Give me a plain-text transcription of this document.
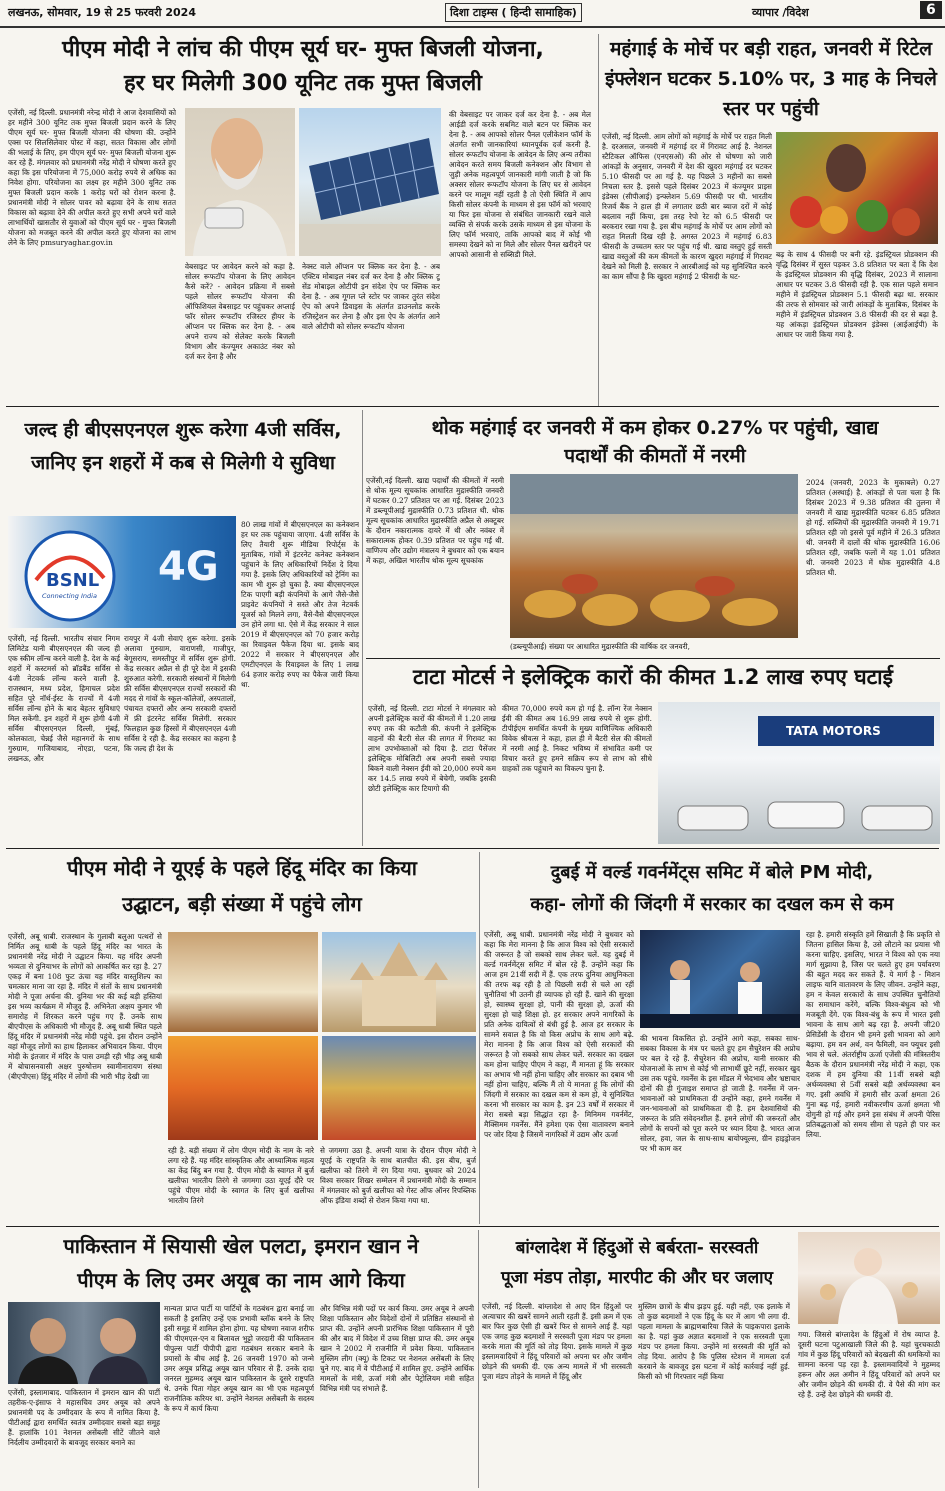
लखनऊ, सोमवार, 19 से 25 फरवरी 2024	दिशा टाइम्स ( हिन्दी सामाहिक)	व्यापार /विदेश	6
पीएम मोदी ने लांच की पीएम सूर्य घर- मुफ्त बिजली योजना,
हर घर मिलेगी 300 यूनिट तक मुफ्त बिजली
एजेंसी, नई दिल्ली. प्रधानमंत्री नरेन्द्र मोदी ने आज देशवासियों को हर महीने 300 यूनिट तक मुफ्त बिजली प्रदान करने के लिए पीएम सूर्य घर- मुफ्त बिजली योजना की घोषणा की. उन्होंने एक्स पर सिलसिलेवार पोस्ट में कहा, सतत विकास और लोगों की भलाई के लिए, हम पीएम सूर्य घर- मुफ्त बिजली योजना शुरू कर रहे हैं. मंगलवार को प्रधानमंत्री नरेंद्र मोदी ने घोषणा करते हुए कहा कि इस परियोजना में 75,000 करोड़ रुपये से अधिक का निवेश होगा. परियोजना का लक्ष्य हर महीने 300 यूनिट तक मुफ्त बिजली प्रदान करके 1 करोड़ घरों को रोशन करना है. प्रधानमंत्री मोदी ने सोलर पावर को बढ़ावा देने के साथ सतत विकास को बढ़ावा देने की अपील करते हुए सभी अपने घरों वाले लाभार्थियों खासतौर से युवाओं को पीएम सूर्य घर - मुफ्त बिजली योजना को मजबूत करने की अपील करते हुए योजना का लाभ लेने के लिए pmsuryaghar.gov.in
वेबसाइट पर आवेदन करने को कहा है. सोलर रूफटॉप योजना के लिए आवेदन कैसे करें? - आवेदन प्रक्रिया में सबसे पहले सोलर रूफटॉप योजना की ऑफिशियल वेबसाइट पर पहुंचकर अप्लाई फॉर सोलर रूफटॉप रजिस्टर हीयर के ऑप्शन पर क्लिक कर देना है. - अब अपने राज्य को सेलेक्ट करके बिजली विभाग और कंज्यूमर अकाउंट नंबर को दर्ज कर देना है और
नेक्स्ट वाले ऑप्शन पर क्लिक कर देना है. - अब एक्टिव मोबाइल नंबर दर्ज कर देना है और क्लिक टू सेंड मोबाइल ओटीपी इन संदेश ऐप पर क्लिक कर देना है. - अब गूगल प्ले स्टोर पर जाकर तुरंत संदेश ऐप को अपने डिवाइस के अंतर्गत डाउनलोड करके रजिस्ट्रेशन कर लेना है और इस ऐप के अंतर्गत आने वाले ओटीपी को सोलर रूफटॉप योजना
की वेबसाइट पर जाकर दर्ज कर देना है. - अब मेल आईडी दर्ज करके सबमिट वाले बटन पर क्लिक कर देना है. - अब आपको सोलर पैनल एलीकेशन फॉर्म के अंतर्गत सभी जानकारियां ध्यानपूर्वक दर्ज करनी है. सोलर रूफटॉप योजना के आवेदन के लिए अन्य तरीका आवेदन करते समय बिजली कनेक्शन और विभाग से जुड़ी अनेक महत्वपूर्ण जानकारी मांगी जाती है जो कि अक्सर सोलर रूफटॉप योजना के लिए घर से आवेदन करने पर मालूम नहीं रहती है तो ऐसी स्थिति में आप किसी सोलर कंपनी के माध्यम से इस फॉर्म को भरवाएं या फिर इस योजना से संबंधित जानकारी रखने वाले व्यक्ति से संपर्क करके उसके माध्यम से इस योजना के लिए फॉर्म भरवाएं, ताकि आपको बाद में कोई भी समस्या देखने को ना मिले और सोलर पैनल खरीदने पर आपको आसानी से सब्सिडी मिले.
महंगाई के मोर्चे पर बड़ी राहत, जनवरी में रिटेल इंफ्लेशन घटकर 5.10% पर, 3 माह के निचले स्तर पर पहुंची
एजेंसी, नई दिल्ली. आम लोगों को महंगाई के मोर्चे पर राहत मिली है. दरअसल, जनवरी में महंगाई दर में गिरावट आई है. नेशनल स्टैटिकल ऑफिस (एनएसओ) की ओर से घोषणा को जारी आंकड़ों के अनुसार, जनवरी में देश की खुदरा महंगाई दर घटकर 5.10 फीसदी पर आ गई है. यह पिछले 3 महीनों का सबसे निचला स्तर है. इससे पहले दिसंबर 2023 में कंज्यूमर प्राइस इंडेक्स (सीपीआई) इन्फ्लेशन 5.69 फीसदी पर थी. भारतीय रिजर्व बैंक ने हाल ही में लगातार छठी बार ब्याज दरों में कोई बदलाव नहीं किया, इस तरह रेपो रेट को 6.5 फीसदी पर बरकरार रखा गया है. इस बीच महंगाई के मोर्चे पर आम लोगों को राहत मिलती दिख रही है. अगस्त 2023 में महंगाई 6.83 फीसदी के उच्चतम स्तर पर पहुंच गई थी. खाद्य वस्तुएं हुई सस्ती खाद्य वस्तुओं की कम कीमतों के कारण खुदरा महंगाई में गिरावट देखने को मिली है. सरकार ने आरबीआई को यह सुनिश्चित करने का काम सौंपा है कि खुदरा महंगाई 2 फीसदी के घट-
बढ़ के साथ 4 फीसदी पर बनी रहे. इंडस्ट्रियल प्रोडक्शन की वृद्धि दिसंबर में सुस्त पड़कर 3.8 प्रतिशत पर बता दें कि देश के इंडस्ट्रियल प्रोडक्शन की वृद्धि दिसंबर, 2023 में सालाना आधार पर घटकर 3.8 फीसदी रही है. एक साल पहले समान महीने में इंडस्ट्रियल प्रोडक्शन 5.1 फीसदी बढ़ा था. सरकार की तरफ से सोमवार को जारी आंकड़ों के मुताबिक, दिसंबर के महीने में इंडस्ट्रियल प्रोडक्शन 3.8 फीसदी की दर से बढ़ा है. यह आंकड़ा इंडस्ट्रियल प्रोडक्शन इंडेक्स (आईआईपी) के आधार पर जारी किया गया है.
जल्द ही बीएसएनएल शुरू करेगा 4जी सर्विस, जानिए इन शहरों में कब से मिलेगी ये सुविधा
BSNL
Connecting India
4G
एजेंसी, नई दिल्ली. भारतीय संचार निगम लिमिटेड यानी बीएसएनएल की जल्द ही एक स्कीम लॉन्च करने वाली है. देश के कई शहरों में कस्टमर्स को ब्रॉडबैंड सर्विस से 4जी नेटवर्क लॉन्च करने वाली है. राजस्थान, मध्य प्रदेश, हिमाचल प्रदेश सहित पूरे नॉर्थ-ईस्ट के राज्यों में 4जी सर्विस लॉन्च होने के बाद बेहतर सुविधाएं मिल सकेंगी. इन शहरों में शुरू होगी 4जी सर्विस बीएसएनएल दिल्ली, मुंबई, कोलकाता, चेन्नई जैसे महानगरों के साथ गुरुग्राम, गाजियाबाद, नोएडा, पटना, लखनऊ, और
रायपुर में 4जी सेवाएं शुरू करेगा. इसके अलावा गुरुग्राम, वाराणसी, गाजीपुर, बेगूसराय, समस्तीपुर में सर्विस शुरू होगी. केंद्र सरकार अप्रैल से ही पूरे देश में इसकी शुरुआत करेगी. सरकारी संस्थानों में मिलेगी फ्री सर्विस बीएसएनएल राज्यों सरकारों की मदद से गांवों के स्कूल-कॉलेजों, अस्पतालों, पंचायत दफ्तरों और अन्य सरकारी दफ्तरों में फ्री इंटरनेट सर्विस मिलेगी. सरकार फिलहाल कुछ हिस्सों में बीएसएनएल 4जी सर्विस दे रही है. केंद्र सरकार का कहना है कि जल्द ही देश के
80 लाख गांवों में बीएसएनएल का कनेक्शन हर घर तक पहुंचाया जाएगा. 4जी सर्विस के लिए तैयारी शुरू मीडिया रिपोर्ट्स के मुताबिक, गांवों में इंटरनेट कनेक्ट कनेक्शन पहुंचाने के लिए अधिकारियों निर्देश दे दिया गया है. इसके लिए अधिकारियों को ट्रेनिंग का काम भी शुरू हो चुका है. क्या बीएसएनएल टिक पाएगी बड़ी कंपनियों के आगे जैसे-जैसे प्राइवेट कंपनियों ने सस्ते और तेज नेटवर्क यूजर्स को मिलने लगा, वैसे-वैसे बीएसएनएल उन होने लगा था. ऐसे में केंद्र सरकार ने साल 2019 में बीएसएनएल को 70 हजार करोड़ का रिवाइवल पैकेज दिया था. इसके बाद 2022 में सरकार ने बीएसएनएल और एमटीएनएल के रिवाइवल के लिए 1 लाख 64 हजार करोड़ रुपए का पैकेज जारी किया था.
थोक महंगाई दर जनवरी में कम होकर 0.27% पर पहुंची, खाद्य पदार्थों की कीमतों में नरमी
एजेंसी,नई दिल्ली. खाद्य पदार्थों की कीमतों में नरमी से थोक मूल्य सूचकांक आधारित मुद्रास्फीति जनवरी में घटकर 0.27 प्रतिशत पर आ गई. दिसंबर 2023 में डब्ल्यूपीआई मुद्रास्फीति 0.73 प्रतिशत थी. थोक मूल्य सूचकांक आधारित मुद्रास्फीति अप्रैल से अक्टूबर के दौरान नकारात्मक दायरे में थी और नवंबर में सकारात्मक होकर 0.39 प्रतिशत पर पहुंच गई थी. वाणिज्य और उद्योग मंत्रालय ने बुधवार को एक बयान में कहा, अखिल भारतीय थोक मूल्य सूचकांक
(डब्ल्यूपीआई) संख्या पर आधारित मुद्रास्फीति की वार्षिक दर जनवरी,
2024 (जनवरी, 2023 के मुकाबले) 0.27 प्रतिशत (अस्थाई) है. आंकड़ों से पता चला है कि दिसंबर 2023 में 9.38 प्रतिशत की तुलना में जनवरी में खाद्य मुद्रास्फीति घटकर 6.85 प्रतिशत हो गई. सब्जियों की मुद्रास्फीति जनवरी में 19.71 प्रतिशत रही जो इससे पूर्व महीने में 26.3 प्रतिशत थी. जनवरी में दालों की थोक मुद्रास्फीति 16.06 प्रतिशत रही, जबकि फलों में यह 1.01 प्रतिशत थी. जनवरी 2023 में थोक मुद्रास्फीति 4.8 प्रतिशत थी.
टाटा मोटर्स ने इलेक्ट्रिक कारों की कीमत 1.2 लाख रुपए घटाई
एजेंसी, नई दिल्ली. टाटा मोटर्स ने मंगलवार को अपनी इलेक्ट्रिक कारों की कीमतों में 1.20 लाख रुपए तक की कटौती की. कंपनी ने इलेक्ट्रिक वाहनों की बैटरी सेल की लागत में गिरावट का लाभ उपभोक्ताओं को दिया है. टाटा पैसेंजर इलेक्ट्रिक मोबिलिटी अब अपनी सबसे ज्यादा बिकने वाली नेक्सन ईवी को 20,000 रुपये कम कर 14.5 लाख रुपये में बेचेगी, जबकि इसकी छोटी इलेक्ट्रिक कार टियागो की
कीमत 70,000 रुपये कम हो गई है. लॉन्ग रेंज नेक्सन ईवी की कीमत अब 16.99 लाख रुपये से शुरू होगी. टीपीईएम समर्थित कंपनी के मुख्य वाणिज्यिक अधिकारी विवेक श्रीवत्स ने कहा, हाल ही में बैटरी सेल की कीमतों में नरमी आई है. निकट भविष्य में संभावित कमी पर विचार करते हुए हमने सक्रिय रूप से लाभ को सीधे ग्राहकों तक पहुंचाने का विकल्प चुना है.
TATA MOTORS
पीएम मोदी ने यूएई के पहले हिंदू मंदिर का किया
उद्घाटन, बड़ी संख्या में पहुंचे लोग
एजेंसी, अबू धाबी. राजस्थान के गुलाबी बलुआ पत्थरों से निर्मित अबू धाबी के पहले हिंदू मंदिर का भारत के प्रधानमंत्री नरेंद्र मोदी ने उद्घाटन किया. यह मंदिर अपनी भव्यता से दुनियाभर के लोगों को आकर्षित कर रहा है. 27 एकड़ में बना 108 फुट ऊंचा यह मंदिर वास्तुशिल्प का चमत्कार माना जा रहा है. मंदिर में संतों के साथ प्रधानमंत्री मोदी ने पूजा अर्चना की. दुनिया भर की कई बड़ी हस्तियां इस भव्य कार्यक्रम में मौजूद हैं. अभिनेता अक्षय कुमार भी समारोह में शिरकत करने पहुंच गए हैं. उनके साथ बीएपीएस के अधिकारी भी मौजूद हैं. अबू धाबी स्थित पहले हिंदू मंदिर में प्रधानमंत्री नरेंद्र मोदी पहुंचे. इस दौरान उन्होंने वहां मौजूद लोगों का हाथ हिलाकर अभिवादन किया. पीएम मोदी के इंतजार में मंदिर के पास उमड़ी रही भीड़ अबू धाबी में बोचासनवासी अक्षर पुरुषोत्तम स्वामीनारायण संस्था (बीएपीएस) हिंदू मंदिर में लोगों की भारी भीड़ देखी जा
रही है. बड़ी संख्या में लोग पीएम मोदी के नाम के नारे लगा रहे हैं. यह मंदिर सांस्कृतिक और आध्यात्मिक महत्व का केंद्र बिंदु बन गया है. पीएम मोदी के स्वागत में बुर्ज खलीफा भारतीय तिरंगे से जगमगा उठा यूएई दौरे पर पहुंचे पीएम मोदी के स्वागत के लिए बुर्ज खलीफा भारतीय तिरंगे
से जगमगा उठा है. अपनी यात्रा के दौरान पीएम मोदी ने यूएई के राष्ट्रपति के साथ बातचीत की. इस बीच, बुर्ज खलीफा को तिरंगे में रंग दिया गया. बुधवार को 2024 विश्व सरकार शिखर सम्मेलन में प्रधानमंत्री मोदी के सम्मान में मंगलवार को बुर्ज खलीफा को गेस्ट ऑफ ऑनर रिपब्लिक ऑफ इंडिया शब्दों से रोशन किया गया था.
दुबई में वर्ल्ड गवर्नमेंट्स समिट में बोले PM मोदी,
कहा- लोगों की जिंदगी में सरकार का दखल कम से कम
एजेंसी, अबू धाबी. प्रधानमंत्री नरेंद्र मोदी ने बुधवार को कहा कि मेरा मानना है कि आज विश्व को ऐसी सरकारों की जरूरत है जो सबको साथ लेकर चलें. यह दुबई में वर्ल्ड गवर्नमेंट्स समिट में बोल रहे हैं. उन्होंने कहा कि आज हम 21वीं सदी में हैं. एक तरफ दुनिया आधुनिकता की तरफ बढ़ रही है तो पिछली सदी से चले आ रहीं चुनौतियां भी उतनी ही व्यापक हो रही हैं. खाने की सुरक्षा हो, स्वास्थ्य सुरक्षा हो, पानी की सुरक्षा हो, ऊर्जा की सुरक्षा हो चाहे शिक्षा हो. हर सरकार अपने नागरिकों के प्रति अनेक दायित्वों से बंधी हुई है. आज हर सरकार के सामने सवाल है कि वो किस अप्रोच के साथ आगे बढ़े. मेरा मानना है कि आज विश्व को ऐसी सरकारों की जरूरत है जो सबको साथ लेकर चलें. सरकार का दखल कम होना चाहिए पीएम ने कहा, मैं मानता हूं कि सरकार का अभाव भी नहीं होना चाहिए और सरकार का दबाव भी नहीं होना चाहिए, बल्कि मैं तो ये मानता हूं कि लोगों की जिंदगी में सरकार का दखल कम से कम हो, ये सुनिश्चित करना भी सरकार का काम है. इन 23 वर्षों में सरकार में मेरा सबसे बड़ा सिद्धांत रहा है- मिनिमम गवर्नमेंट, मैक्सिमम गवर्नेंस. मैंने हमेशा एक ऐसा वातावरण बनाने पर जोर दिया है जिसमें नागरिकों में उद्यम और ऊर्जा
की भावना विकसित हो. उन्होंने आगे कहा, सबका साथ-सबका विकास के मंत्र पर चलते हुए हम सैचुरेशन की अप्रोच पर बल दे रहे हैं. सैचुरेशन की अप्रोच, यानी सरकार की योजनाओं के लाभ से कोई भी लाभार्थी छूटे नहीं, सरकार खुद उस तक पहुंचे. गवर्नेंस के इस मॉडल में भेदभाव और भ्रष्टाचार दोनों की ही गुंजाइश समाप्त हो जाती है. गवर्नेंस में जन-भावनाओं को प्राथमिकता दी उन्होंने कहा, हमने गवर्नेंस में जन-भावनाओं को प्राथमिकता दी है. हम देशवासियों की जरूरत के प्रति संवेदनशील हैं. हमने लोगों की जरूरतों और लोगों के सपनों को पूरा करने पर ध्यान दिया है. भारत आज सोलर, हवा, जल के साथ-साथ बायोफ्यूल्स, ग्रीन हाइड्रोजन पर भी काम कर
रहा है. हमारी संस्कृति हमें सिखाती है कि प्रकृति से जितना हासिल किया है, उसे लौटाने का प्रयास भी करना चाहिए. इसलिए, भारत ने विश्व को एक नया मार्ग सुझाया है, जिस पर चलते हुए हम पर्यावरण की बहुत मदद कर सकते हैं. ये मार्ग है - मिशन लाइफ यानि वातावरण के लिए जीवन. उन्होंने कहा, हम न केवल सरकारों के साथ उपस्थित चुनौतियों का समाधान करेंगे, बल्कि विश्व-बंधुत्व को भी मजबूती देंगे. एक विश्व-बंधु के रूप में भारत इसी भावना के साथ आगे बढ़ रहा है. अपनी जी20 प्रेसिडेंसी के दौरान भी हमने इसी भावना को आगे बढ़ाया. हम वन अर्थ, वन फैमिली, वन फ्यूचर इसी भाव से चले. अंतर्राष्ट्रीय ऊर्जा एजेंसी की मंत्रिस्तरीय बैठक के दौरान प्रधानमंत्री नरेंद्र मोदी ने कहा, एक दशक में हम दुनिया की 11वीं सबसे बड़ी अर्थव्यवस्था से 5वीं सबसे बड़ी अर्थव्यवस्था बन गए. इसी अवधि में हमारी सौर ऊर्जा क्षमता 26 गुना बढ़ गई, हमारी नवीकरणीय ऊर्जा क्षमता भी दोगुनी हो गई और हमने इस संबंध में अपनी पेरिस प्रतिबद्धताओं को समय सीमा से पहले ही पार कर लिया.
पाकिस्तान में सियासी खेल पलटा, इमरान खान ने
पीएम के लिए उमर अयूब का नाम आगे किया
एजेंसी, इस्लामाबाद. पाकिस्तान में इमरान खान की पार्टी तहरीक-ए-इंसाफ ने महासचिव उमर अयूब को अपने प्रधानमंत्री पद के उम्मीदवार के रूप में नामित किया है. पीटीआई द्वारा समर्थित स्वतंत्र उम्मीदवार सबसे बड़ा समूह हैं. हालांकि 101 नेशनल असेंबली सीटें जीतने वाले निर्दलीय उम्मीदवारों के बावजूद सरकार बनाने का
मान्यता प्राप्त पार्टी या पार्टियों के गठबंधन द्वारा बनाई जा सकती है इसलिए उन्हें एक प्रभावी ब्लॉक बनने के लिए इसी समूह में शामिल होना होगा. यह घोषणा नवाज शरीफ की पीएमएल-एन व बिलावल भुट्टो जरदारी की पाकिस्तान पीपुल्स पार्टी पीपीपी द्वारा गठबंधन सरकार बनाने के प्रयासों के बीच आई है. 26 जनवरी 1970 को जन्मे उमर अयूब प्रसिद्ध अयूब खान परिवार से हैं. उनके दादा जनरल मुहम्मद अयूब खान पाकिस्तान के दूसरे राष्ट्रपति थे. उनके पिता गोहर अयूब खान का भी एक महत्वपूर्ण राजनीतिक करियर था. उन्होंने नेशनल असेंबली के सदस्य के रूप में कार्य किया
और विभिन्न मंत्री पदों पर कार्य किया. उमर अयूब ने अपनी शिक्षा पाकिस्तान और विदेशों दोनों में प्रतिष्ठित संस्थानों से प्राप्त की. उन्होंने अपनी प्रारंभिक शिक्षा पाकिस्तान में पूरी की और बाद में विदेश में उच्च शिक्षा प्राप्त की. उमर अयूब खान ने 2002 में राजनीति में प्रवेश किया. पाकिस्तान मुस्लिम लीग (क्यू) के टिकट पर नेशनल असेंबली के लिए चुने गए. बाद में वे पीटीआई में शामिल हुए. उन्होंने आर्थिक मामलों के मंत्री, ऊर्जा मंत्री और पेट्रोलियम मंत्री सहित विभिन्न मंत्री पद संभाले हैं.
बांग्लादेश में हिंदुओं से बर्बरता- सरस्वती
पूजा मंडप तोड़ा, मारपीट की और घर जलाए
एजेंसी, नई दिल्ली. बांग्लादेश से आए दिन हिंदुओं पर अत्याचार की खबरें सामने आती रहती हैं. इसी क्रम में एक बार फिर कुछ ऐसी ही खबरें फिर से सामने आई हैं. यहां एक जगह कुछ बदमाशों ने सरस्वती पूजा मंडप पर हमला करके माता की मूर्ति को तोड़ दिया. इसके मामले में कुछ इस्लामवादियों ने हिंदू परिवारों को अपना घर और जमीन छोड़ने की धमकी दी. एक अन्य मामले में भी सरस्वती पूजा मंडप तोड़ने के मामले में हिंदू और
मुस्लिम छात्रों के बीच झड़प हुई. यही नहीं, एक इलाके में तो कुछ बदमाशों ने एक हिंदू के घर में आग भी लगा दी. पहला मामला के ब्राह्मणबारिया जिले के पाइकपारा इलाके का है. यहां कुछ अज्ञात बदमाशों ने एक सरस्वती पूजा मंडप पर हमला किया. उन्होंने मां सरस्वती की मूर्ति को तोड़ दिया. आरोप है कि पुलिस स्टेशन में मामला दर्ज करवाने के बावजूद इस घटना में कोई कार्रवाई नहीं हुई. किसी को भी गिरफ्तार नहीं किया
गया. जिससे बांग्लादेश के हिंदुओं में रोष व्याप्त है. दूसरी घटना पटुआखाली जिले की है. यहां चुरचकाठी गांव में कुछ हिंदू परिवारों को बेदखली की धमकियों का सामना करना पड़ रहा है. इस्लामवादियों ने मुहम्मद हरून और अल अमीन ने हिंदू परिवारों को अपने घर और जमीन छोड़ने की धमकी दी. वे पैसे की मांग कर रहे हैं. उन्हें देश छोड़ने की धमकी दी.
